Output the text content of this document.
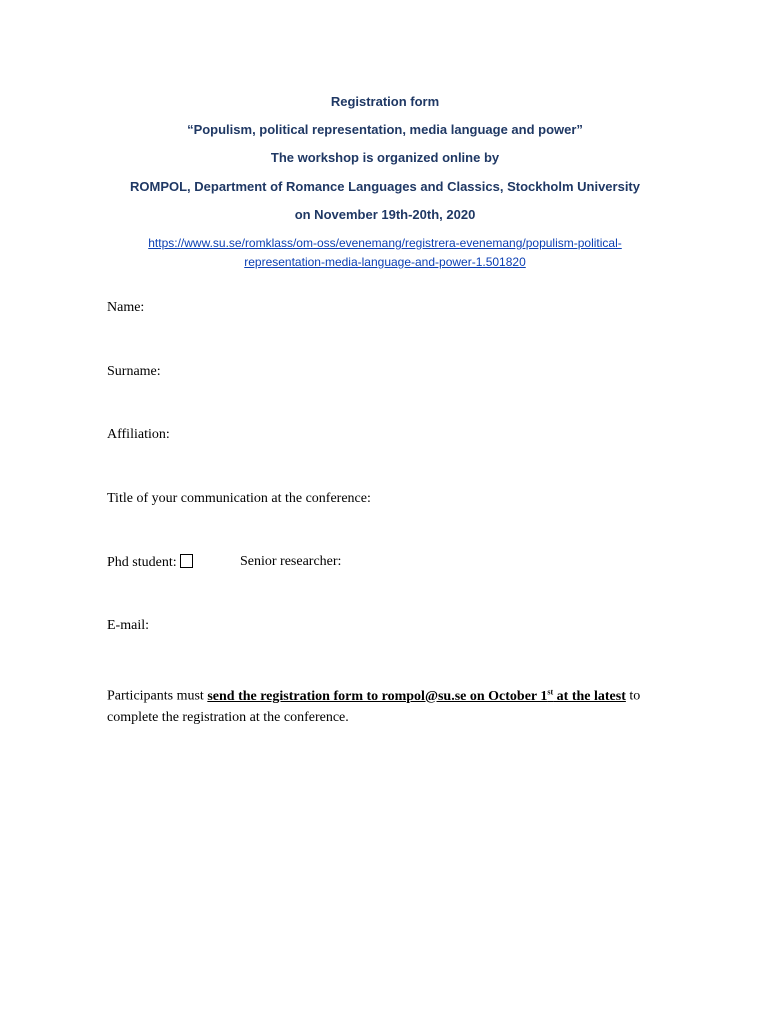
Registration form
“Populism, political representation, media language and power”
The workshop is organized online by
ROMPOL, Department of Romance Languages and Classics, Stockholm University
on November 19th-20th, 2020
https://www.su.se/romklass/om-oss/evenemang/registrera-evenemang/populism-political-
representation-media-language-and-power-1.501820
Name:
Surname:
Affiliation:
Title of your communication at the conference:
Phd student:	Senior researcher:
E-mail:
Participants must send the registration form to rompol@su.se on October 1st at the latest to complete the registration at the conference.
